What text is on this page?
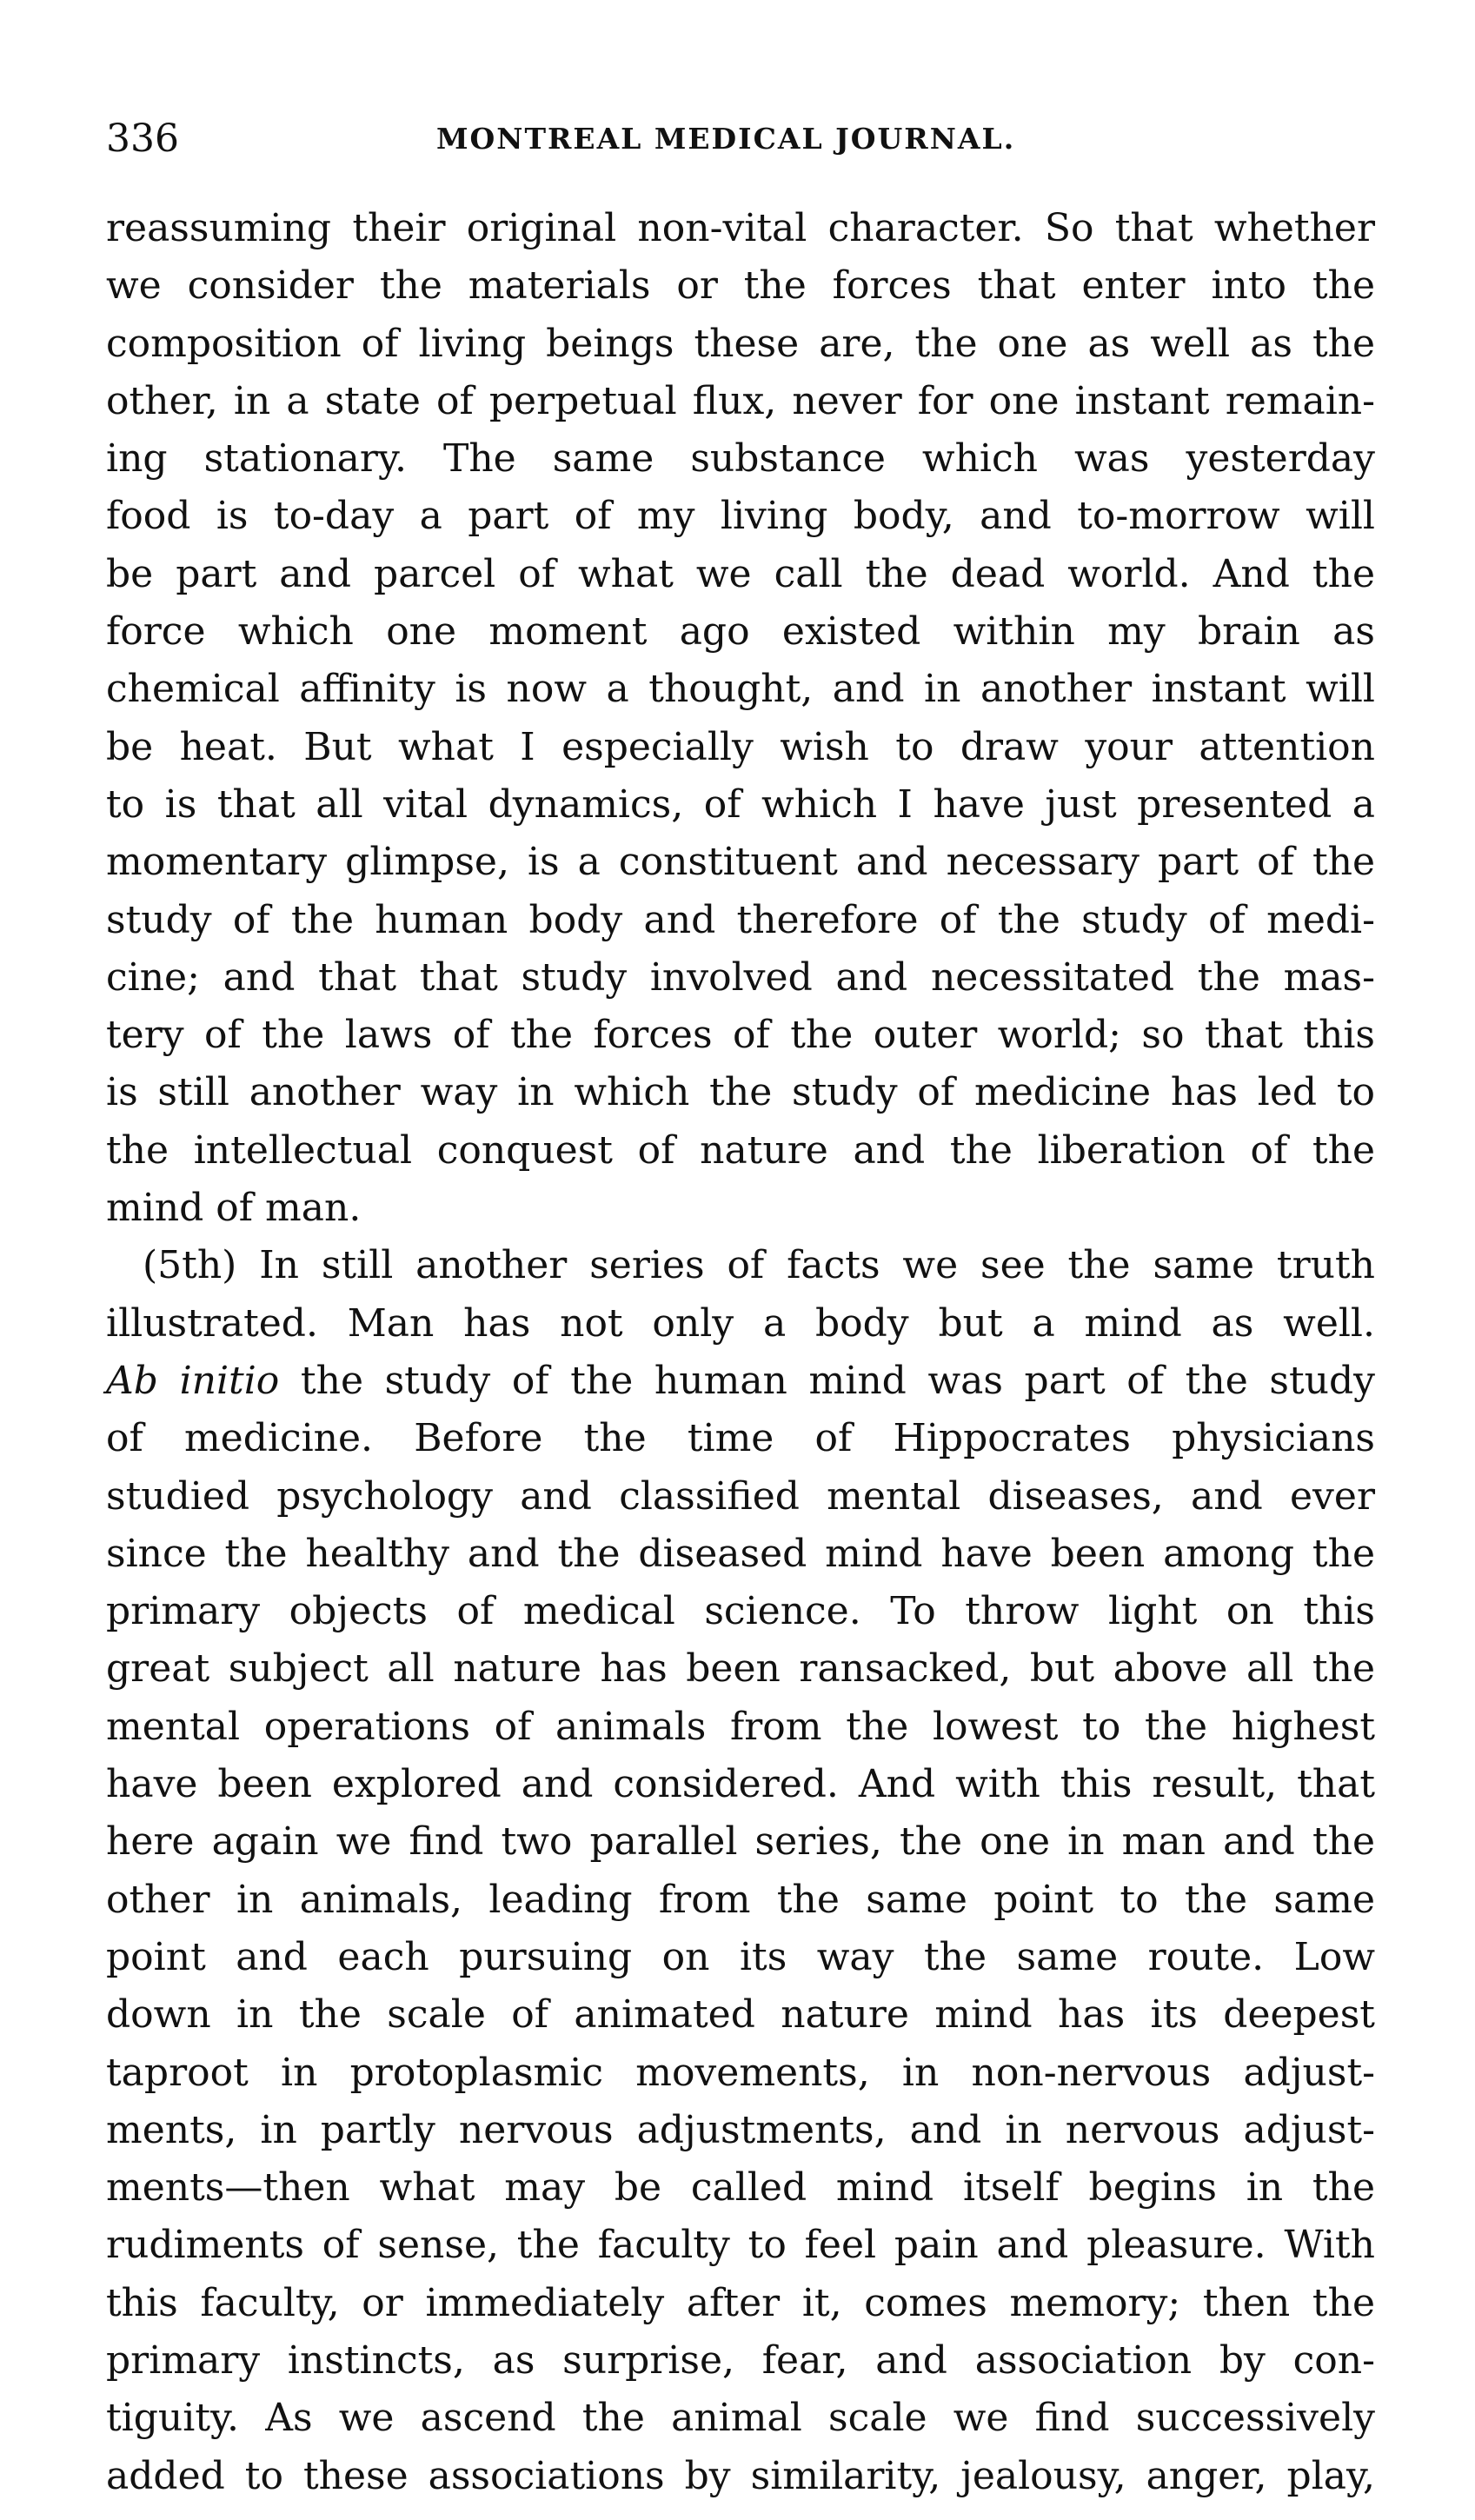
336	MONTREAL MEDICAL JOURNAL.
reassuming their original non-vital character. So that whether
we consider the materials or the forces that enter into the
composition of living beings these are, the one as well as the
other, in a state of perpetual flux, never for one instant remain-
ing stationary. The same substance which was yesterday
food is to-day a part of my living body, and to-morrow will
be part and parcel of what we call the dead world. And the
force which one moment ago existed within my brain as
chemical affinity is now a thought, and in another instant will
be heat. But what I especially wish to draw your attention
to is that all vital dynamics, of which I have just presented a
momentary glimpse, is a constituent and necessary part of the
study of the human body and therefore of the study of medi-
cine; and that that study involved and necessitated the mas-
tery of the laws of the forces of the outer world; so that this
is still another way in which the study of medicine has led to
the intellectual conquest of nature and the liberation of the
mind of man.
(5th) In still another series of facts we see the same truth
illustrated. Man has not only a body but a mind as well.
Ab initio the study of the human mind was part of the study
of medicine. Before the time of Hippocrates physicians
studied psychology and classified mental diseases, and ever
since the healthy and the diseased mind have been among the
primary objects of medical science. To throw light on this
great subject all nature has been ransacked, but above all the
mental operations of animals from the lowest to the highest
have been explored and considered. And with this result, that
here again we find two parallel series, the one in man and the
other in animals, leading from the same point to the same
point and each pursuing on its way the same route. Low
down in the scale of animated nature mind has its deepest
taproot in protoplasmic movements, in non-nervous adjust-
ments, in partly nervous adjustments, and in nervous adjust-
ments—then what may be called mind itself begins in the
rudiments of sense, the faculty to feel pain and pleasure. With
this faculty, or immediately after it, comes memory; then the
primary instincts, as surprise, fear, and association by con-
tiguity. As we ascend the animal scale we find successively
added to these associations by similarity, jealousy, anger, play,
